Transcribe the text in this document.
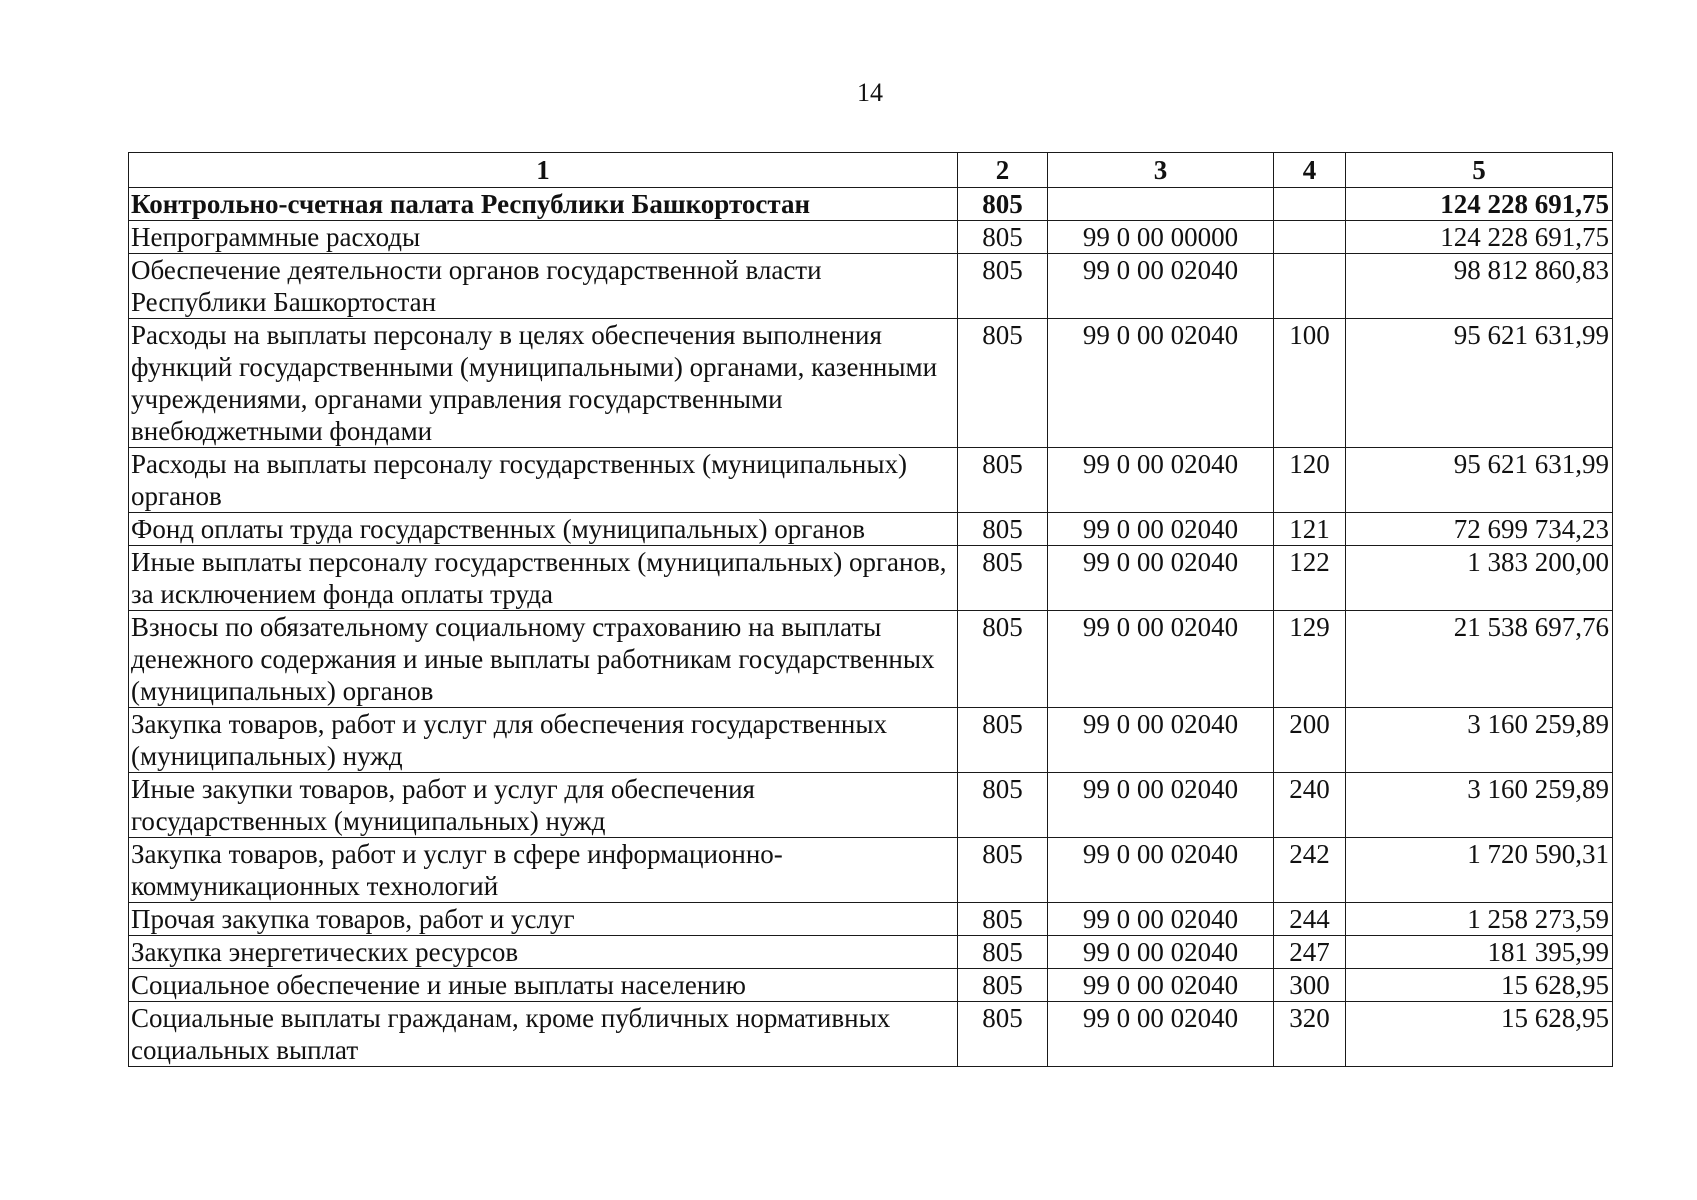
14
1	2	3	4	5
Контрольно-счетная палата Республики Башкортостан	805			124 228 691,75
Непрограммные расходы	805	99 0 00 00000		124 228 691,75
Обеспечение деятельности органов государственной власти Республики Башкортостан	805	99 0 00 02040		98 812 860,83
Расходы на выплаты персоналу в целях обеспечения выполнения функций государственными (муниципальными) органами, казенными учреждениями, органами управления государственными внебюджетными фондами	805	99 0 00 02040	100	95 621 631,99
Расходы на выплаты персоналу государственных (муниципальных) органов	805	99 0 00 02040	120	95 621 631,99
Фонд оплаты труда государственных (муниципальных) органов	805	99 0 00 02040	121	72 699 734,23
Иные выплаты персоналу государственных (муниципальных) органов, за исключением фонда оплаты труда	805	99 0 00 02040	122	1 383 200,00
Взносы по обязательному социальному страхованию на выплаты денежного содержания и иные выплаты работникам государственных (муниципальных) органов	805	99 0 00 02040	129	21 538 697,76
Закупка товаров, работ и услуг для обеспечения государственных (муниципальных) нужд	805	99 0 00 02040	200	3 160 259,89
Иные закупки товаров, работ и услуг для обеспечения государственных (муниципальных) нужд	805	99 0 00 02040	240	3 160 259,89
Закупка товаров, работ и услуг в сфере информационно-коммуникационных технологий	805	99 0 00 02040	242	1 720 590,31
Прочая закупка товаров, работ и услуг	805	99 0 00 02040	244	1 258 273,59
Закупка энергетических ресурсов	805	99 0 00 02040	247	181 395,99
Социальное обеспечение и иные выплаты населению	805	99 0 00 02040	300	15 628,95
Социальные выплаты гражданам, кроме публичных нормативных социальных выплат	805	99 0 00 02040	320	15 628,95
